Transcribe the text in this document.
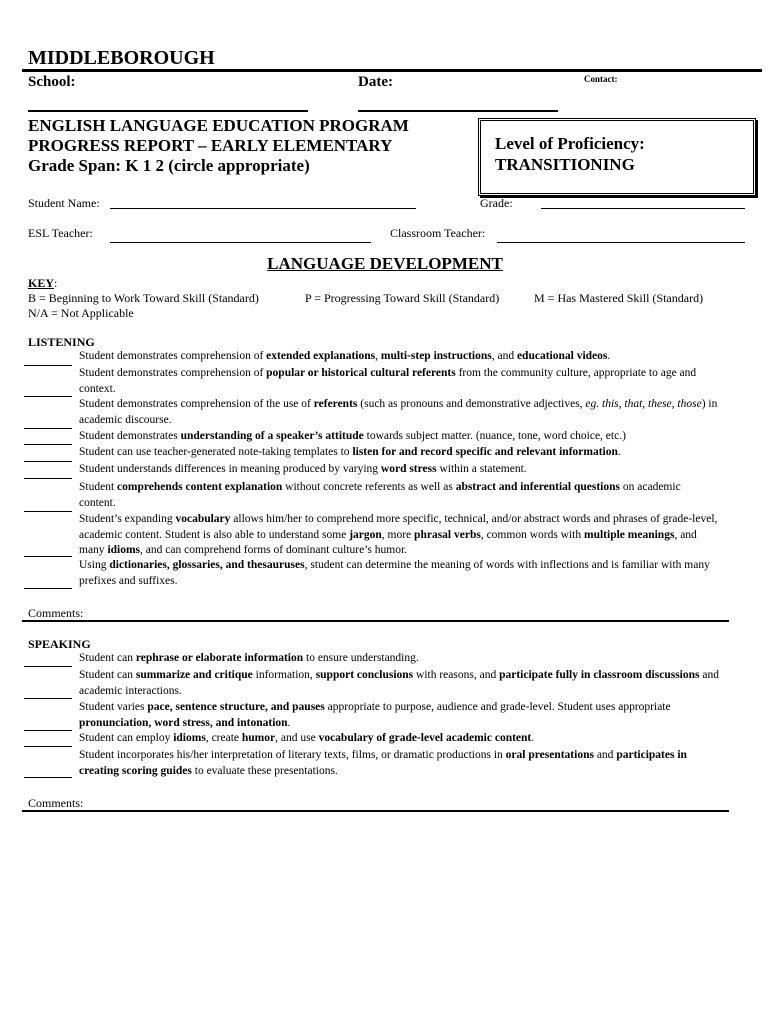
MIDDLEBOROUGH
School:	Date:	Contact:
ENGLISH LANGUAGE EDUCATION PROGRAM
PROGRESS REPORT – EARLY ELEMENTARY
Grade Span: K 1 2 (circle appropriate)
Level of Proficiency:
TRANSITIONING
Student Name:	Grade:
ESL Teacher:	Classroom Teacher:
LANGUAGE DEVELOPMENT
KEY:
B = Beginning to Work Toward Skill (Standard)	P = Progressing Toward Skill (Standard)	M = Has Mastered Skill (Standard)
N/A = Not Applicable
LISTENING
Student demonstrates comprehension of extended explanations, multi-step instructions, and educational videos.
Student demonstrates comprehension of popular or historical cultural referents from the community culture, appropriate to age and context.
Student demonstrates comprehension of the use of referents (such as pronouns and demonstrative adjectives, eg. this, that, these, those) in academic discourse.
Student demonstrates understanding of a speaker’s attitude towards subject matter. (nuance, tone, word choice, etc.)
Student can use teacher-generated note-taking templates to listen for and record specific and relevant information.
Student understands differences in meaning produced by varying word stress within a statement.
Student comprehends content explanation without concrete referents as well as abstract and inferential questions on academic content.
Student’s expanding vocabulary allows him/her to comprehend more specific, technical, and/or abstract words and phrases of grade-level, academic content. Student is also able to understand some jargon, more phrasal verbs, common words with multiple meanings, and many idioms, and can comprehend forms of dominant culture’s humor.
Using dictionaries, glossaries, and thesauruses, student can determine the meaning of words with inflections and is familiar with many prefixes and suffixes.
Comments:
SPEAKING
Student can rephrase or elaborate information to ensure understanding.
Student can summarize and critique information, support conclusions with reasons, and participate fully in classroom discussions and academic interactions.
Student varies pace, sentence structure, and pauses appropriate to purpose, audience and grade-level. Student uses appropriate pronunciation, word stress, and intonation.
Student can employ idioms, create humor, and use vocabulary of grade-level academic content.
Student incorporates his/her interpretation of literary texts, films, or dramatic productions in oral presentations and participates in creating scoring guides to evaluate these presentations.
Comments:
